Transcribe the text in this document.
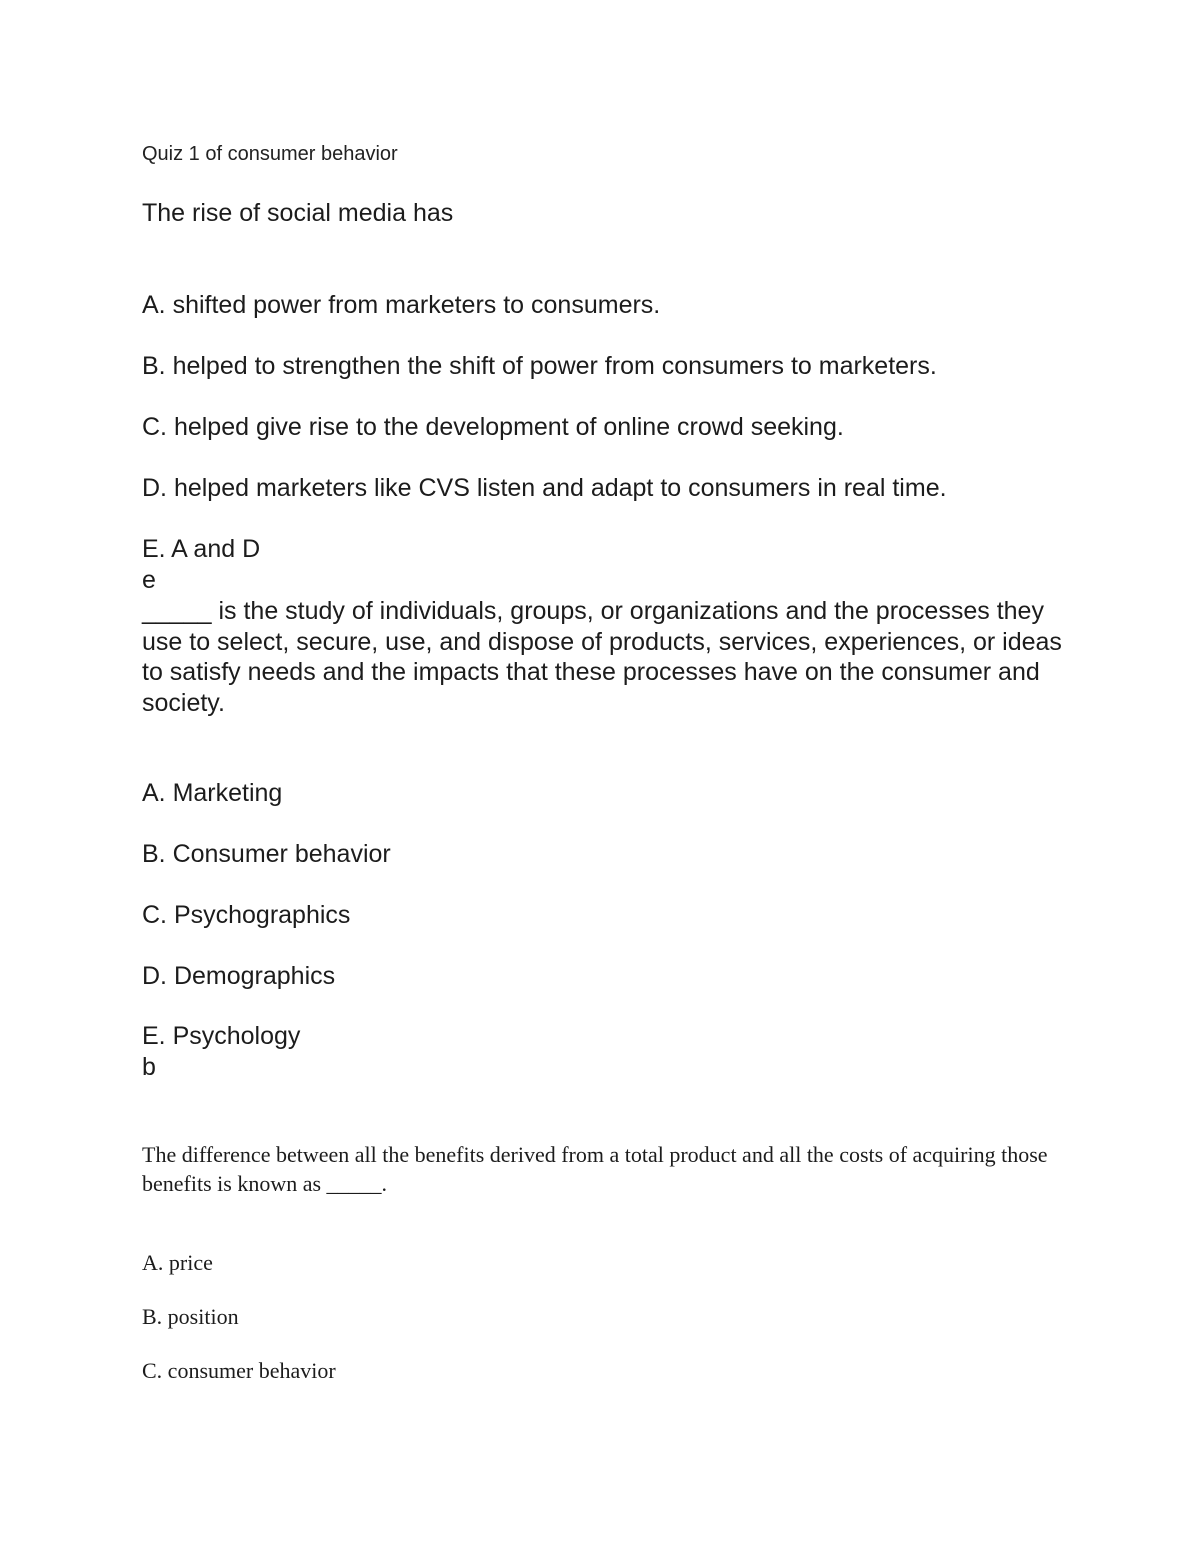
Quiz 1 of consumer behavior

The rise of social media has

A. shifted power from marketers to consumers.

B. helped to strengthen the shift of power from consumers to marketers.

C. helped give rise to the development of online crowd seeking.

D. helped marketers like CVS listen and adapt to consumers in real time.

E. A and D

e

_____ is the study of individuals, groups, or organizations and the processes they use to select, secure, use, and dispose of products, services, experiences, or ideas to satisfy needs and the impacts that these processes have on the consumer and society.

A. Marketing

B. Consumer behavior

C. Psychographics

D. Demographics

E. Psychology

b

The difference between all the benefits derived from a total product and all the costs of acquiring those benefits is known as _____.

A. price

B. position

C. consumer behavior
